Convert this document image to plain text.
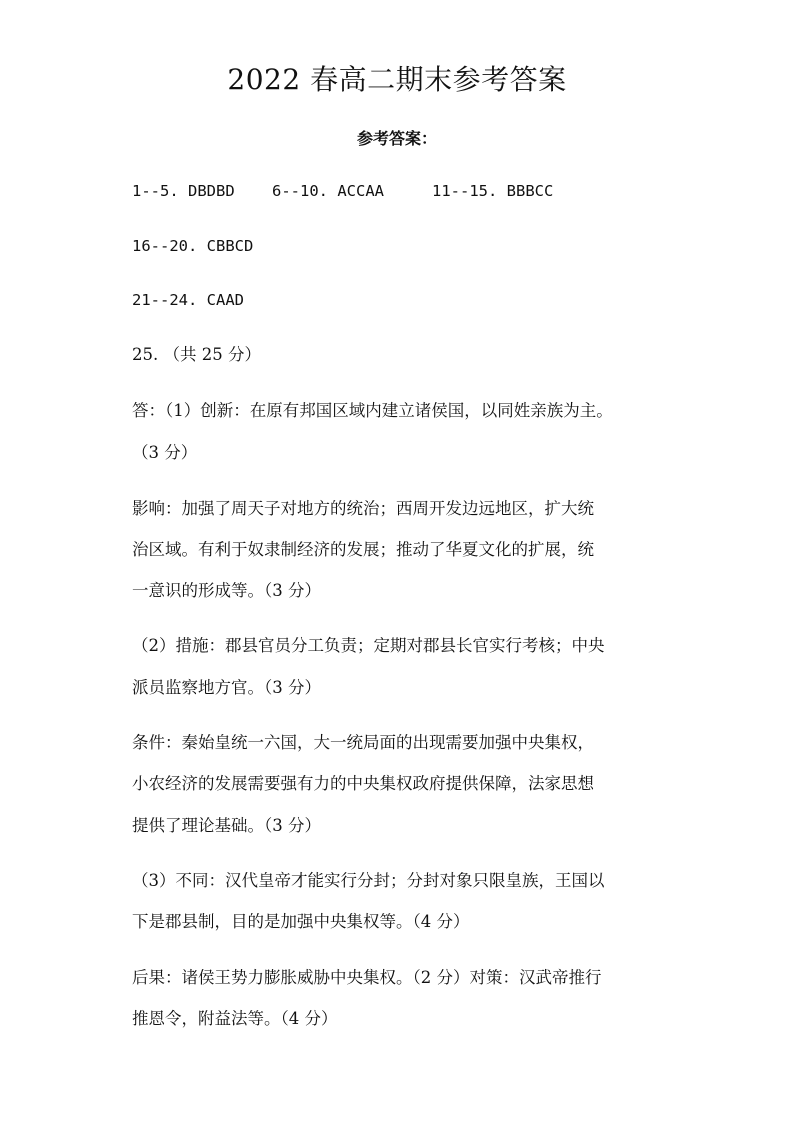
2022 春高二期末参考答案
参考答案：
1--5. DBDBD 6--10. ACCAA	11--15. BBBCC
16--20. CBBCD
21--24. CAAD
25. （共 25 分）
答：（1）创新：在原有邦国区域内建立诸侯国，以同姓亲族为主。
（3 分）
影响：加强了周天子对地方的统治；西周开发边远地区，扩大统
治区域。有利于奴隶制经济的发展；推动了华夏文化的扩展，统
一意识的形成等。（3 分）
（2）措施：郡县官员分工负责；定期对郡县长官实行考核；中央
派员监察地方官。（3 分）
条件：秦始皇统一六国，大一统局面的出现需要加强中央集权，
小农经济的发展需要强有力的中央集权政府提供保障，法家思想
提供了理论基础。（3 分）
（3）不同：汉代皇帝才能实行分封；分封对象只限皇族，王国以
下是郡县制，目的是加强中央集权等。（4 分）
后果：诸侯王势力膨胀威胁中央集权。（2 分）对策：汉武帝推行
推恩令，附益法等。（4 分）
